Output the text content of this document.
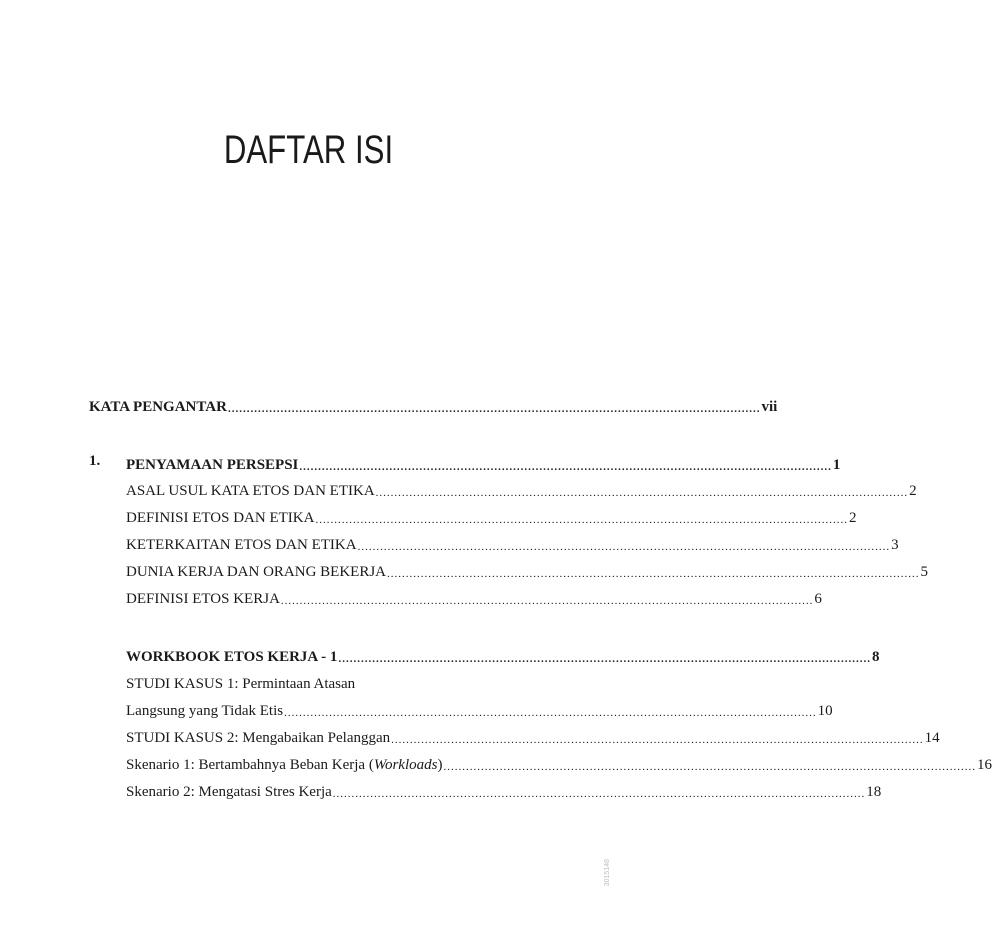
DAFTAR ISI
KATA PENGANTAR .............................................................................................................................................. vii
1. PENYAMAAN PERSEPSI .............................................................................................................................................. 1
ASAL USUL KATA ETOS DAN ETIKA .............................................................................................................................................. 2
DEFINISI ETOS DAN ETIKA .............................................................................................................................................. 2
KETERKAITAN ETOS DAN ETIKA .............................................................................................................................................. 3
DUNIA KERJA DAN ORANG BEKERJA .............................................................................................................................................. 5
DEFINISI ETOS KERJA .............................................................................................................................................. 6
WORKBOOK ETOS KERJA - 1 .............................................................................................................................................. 8
STUDI KASUS 1: Permintaan Atasan
Langsung yang Tidak Etis .............................................................................................................................................. 10
STUDI KASUS 2: Mengabaikan Pelanggan .............................................................................................................................................. 14
Skenario 1: Bertambahnya Beban Kerja (Workloads) .............................................................................................................................................. 16
Skenario 2: Mengatasi Stres Kerja .............................................................................................................................................. 18
3015148
